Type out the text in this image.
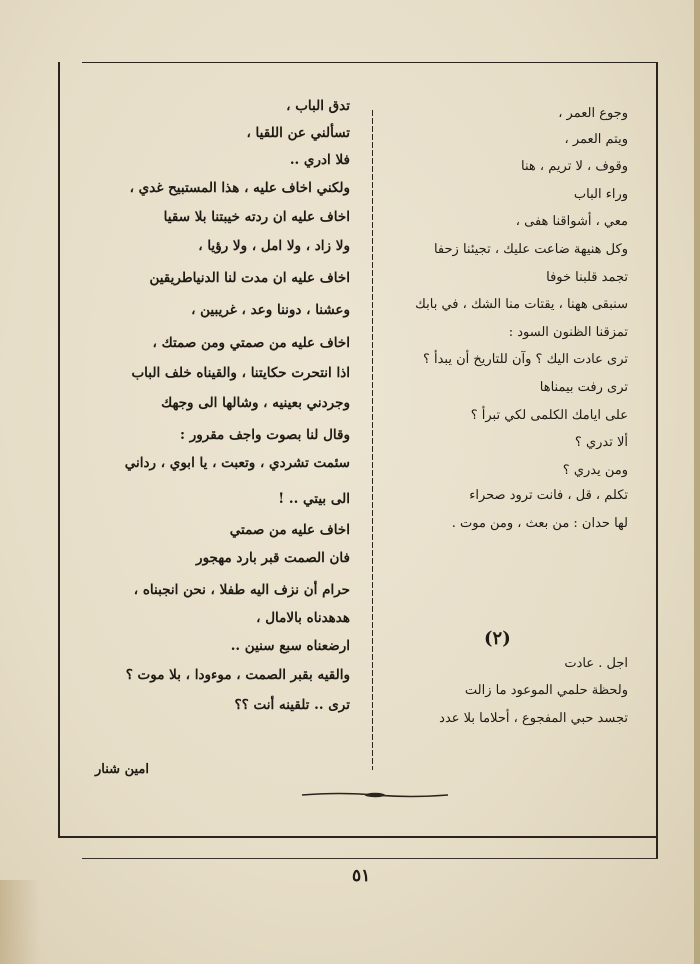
تدق الباب ،
تسألني عن اللقيا ،
فلا ادري ..
ولكني اخاف عليه ، هذا المستبيح غدي ،
اخاف عليه ان ردته خيبتنا بلا سقيا
ولا زاد ، ولا امل ، ولا رؤيا ،
اخاف عليه ان مدت لنا الدنياطريقين
وعشنا ، دوننا وعد ، غريبين ،
اخاف عليه من صمتي ومن صمتك ،
اذا انتحرت حكايتنا ، والقيناه خلف الباب
وجردني بعينيه ، وشالها الى وجهك
وقال لنا بصوت واجف مقرور :
سئمت تشردي ، وتعبت ، يا ابوي ، رداني
الى بيتي .. !
اخاف عليه من صمتي
فان الصمت قبر بارد مهجور
حرام أن نزف اليه طفلا ، نحن انجبناه ،
هدهدناه بالامال ،
ارضعناه سبع سنين ..
والقيه بقبر الصمت ، موءودا ، بلا موت ؟
ترى .. تلقينه أنت ؟؟
امين شنار
وجوع العمر ،
ويتم العمر ،
وقوف ، لا تريم ، هنا
وراء الباب
معي ، أشواقنا هفى ،
وكل هنيهة ضاعت عليك ، تجيئنا زحفا
تجمد قلبنا خوفا
سنبقى ههنا ، يقتات منا الشك ، في بابك
تمزقنا الظنون السود :
ترى عادت اليك ؟ وآن للتاريخ أن يبدأ ؟
ترى رفت بيمناها
على ايامك الكلمى لكي تبرأ ؟
ألا تدري ؟
ومن يدري ؟
تكلم ، قل ، فانت ترود صحراء
لها حدان : من بعث ، ومن موت .
اجل . عادت
ولحظة حلمي الموعود ما زالت
تجسد حبي المفجوع ، أحلاما بلا عدد
(٢)
٥١
